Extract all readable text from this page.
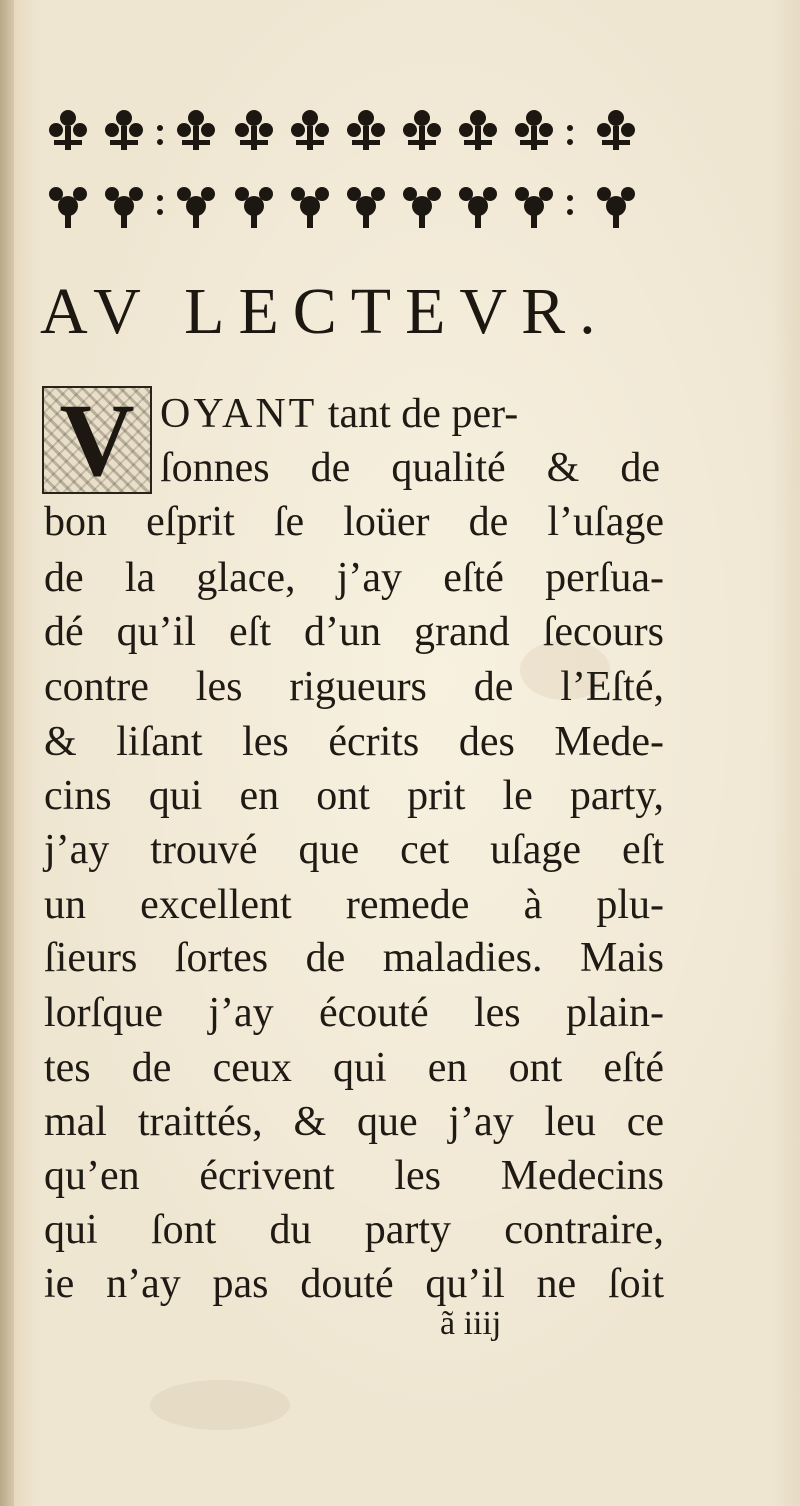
AV LECTEVR.
V OYANT tant de per-
ſonnes de qualité & de
bon eſprit ſe loüer de l’uſage
de la glace, j’ay eſté perſua-
dé qu’il eſt d’un grand ſecours
contre les rigueurs de l’Eſté,
& liſant les écrits des Mede-
cins qui en ont prit le party,
j’ay trouvé que cet uſage eſt
un excellent remede à plu-
ſieurs ſortes de maladies. Mais
lorſque j’ay écouté les plain-
tes de ceux qui en ont eſté
mal traittés, & que j’ay leu ce
qu’en écrivent les Medecins
qui ſont du party contraire,
ie n’ay pas douté qu’il ne ſoit
ã iiij
